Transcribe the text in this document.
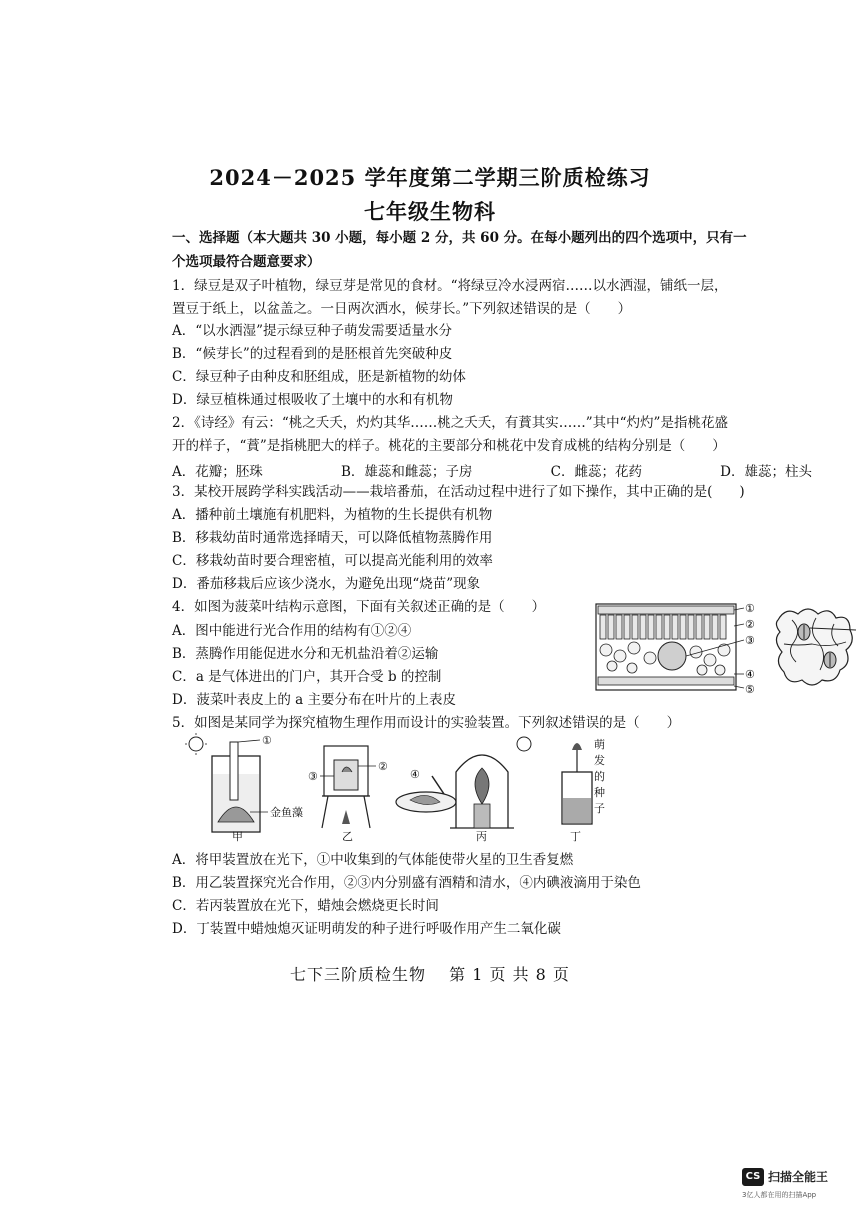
2024－2025 学年度第二学期三阶质检练习
七年级生物科
一、选择题（本大题共 30 小题，每小题 2 分，共 60 分。在每小题列出的四个选项中，只有一
个选项最符合题意要求）
1．绿豆是双子叶植物，绿豆芽是常见的食材。“将绿豆冷水浸两宿……以水洒湿，铺纸一层，
置豆于纸上，以盆盖之。一日两次洒水，候芽长。”下列叙述错误的是（　　）
A．“以水洒湿”提示绿豆种子萌发需要适量水分
B．“候芽长”的过程看到的是胚根首先突破种皮
C．绿豆种子由种皮和胚组成，胚是新植物的幼体
D．绿豆植株通过根吸收了土壤中的水和有机物
2．《诗经》有云：“桃之夭夭，灼灼其华……桃之夭夭，有蕡其实……”其中“灼灼”是指桃花盛
开的样子，“蕡”是指桃肥大的样子。桃花的主要部分和桃花中发育成桃的结构分别是（　　）
A．花瓣；胚珠	B．雄蕊和雌蕊；子房	C．雌蕊；花药	D．雄蕊；柱头
3．某校开展跨学科实践活动——栽培番茄，在活动过程中进行了如下操作，其中正确的是(　　)
A．播种前土壤施有机肥料，为植物的生长提供有机物
B．移栽幼苗时通常选择晴天，可以降低植物蒸腾作用
C．移栽幼苗时要合理密植，可以提高光能利用的效率
D．番茄移栽后应该少浇水，为避免出现“烧苗”现象
4．如图为菠菜叶结构示意图，下面有关叙述正确的是（　　）
A．图中能进行光合作用的结构有①②④
B．蒸腾作用能促进水分和无机盐沿着②运输
C．a 是气体进出的门户，其开合受 b 的控制
D．菠菜叶表皮上的 a 主要分布在叶片的上表皮
①
②
③
④
⑤
5．如图是某同学为探究植物生理作用而设计的实验装置。下列叙述错误的是（　　）
①
金鱼藻
甲
②
③
乙
④
丙
萌
发
的
种
子
丁
A．将甲装置放在光下，①中收集到的气体能使带火星的卫生香复燃
B．用乙装置探究光合作用，②③内分别盛有酒精和清水，④内碘液滴用于染色
C．若丙装置放在光下，蜡烛会燃烧更长时间
D．丁装置中蜡烛熄灭证明萌发的种子进行呼吸作用产生二氧化碳
七下三阶质检生物　 第 1 页 共 8 页
CS 扫描全能王
3亿人都在用的扫描App
